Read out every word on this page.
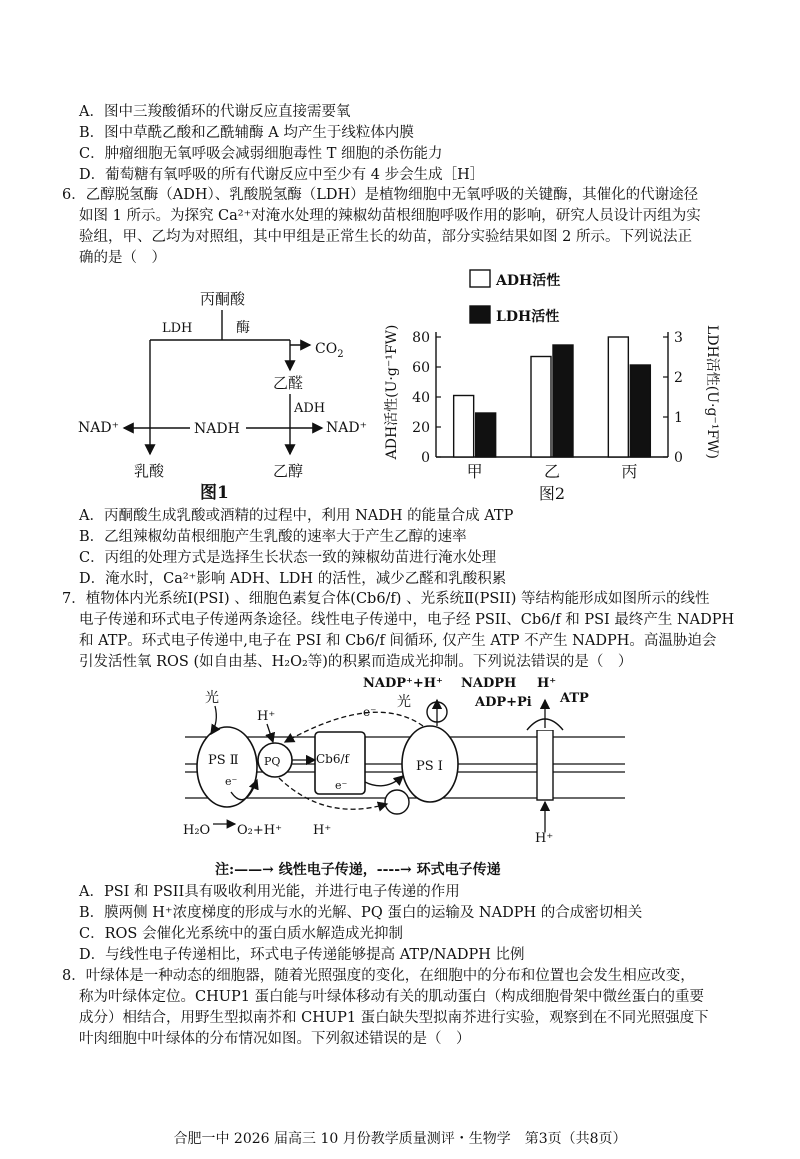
A．图中三羧酸循环的代谢反应直接需要氧
B．图中草酰乙酸和乙酰辅酶 A 均产生于线粒体内膜
C．肿瘤细胞无氧呼吸会减弱细胞毒性 T 细胞的杀伤能力
D．葡萄糖有氧呼吸的所有代谢反应中至少有 4 步会生成［H］
6．乙醇脱氢酶（ADH）、乳酸脱氢酶（LDH）是植物细胞中无氧呼吸的关键酶，其催化的代谢途径
如图 1 所示。为探究 Ca²⁺对淹水处理的辣椒幼苗根细胞呼吸作用的影响，研究人员设计丙组为实
验组，甲、乙均为对照组，其中甲组是正常生长的幼苗，部分实验结果如图 2 所示。下列说法正
确的是（　）
丙酮酸
LDH	酶
$CO_2$
乙醛
ADH
NAD⁺	NADH	NAD⁺
乳酸	乙醇
图1
ADH活性
LDH活性
0
20
40
60
80
0
1
2
3
ADH活性(U·g⁻¹FW)	LDH活性(U·g⁻¹FW)
甲	乙	丙
图2
A．丙酮酸生成乳酸或酒精的过程中，利用 NADH 的能量合成 ATP
B．乙组辣椒幼苗根细胞产生乳酸的速率大于产生乙醇的速率
C．丙组的处理方式是选择生长状态一致的辣椒幼苗进行淹水处理
D．淹水时，Ca²⁺影响 ADH、LDH 的活性，减少乙醛和乳酸积累
7．植物体内光系统Ⅰ(PSI) 、细胞色素复合体(Cb6/f) 、光系统Ⅱ(PSII) 等结构能形成如图所示的线性
电子传递和环式电子传递两条途径。线性电子传递中，电子经 PSII、Cb6/f 和 PSI 最终产生 NADPH
和 ATP。环式电子传递中,电子在 PSI 和 Cb6/f 间循环, 仅产生 ATP 不产生 NADPH。高温胁迫会
引发活性氧 ROS (如自由基、H₂O₂等)的积累而造成光抑制。下列说法错误的是（　）
NADP⁺+H⁺ NADPH H⁺
光
H⁺
光
e⁻
ADP+Pi ATP
PS Ⅱ
e⁻
PQ	Cb6/f
e⁻
PS Ⅰ
H₂O O₂+H⁺ H⁺
H⁺
注:——→ 线性电子传递，----→ 环式电子传递
A．PSI 和 PSII具有吸收利用光能，并进行电子传递的作用
B．膜两侧 H⁺浓度梯度的形成与水的光解、PQ 蛋白的运输及 NADPH 的合成密切相关
C．ROS 会催化光系统中的蛋白质水解造成光抑制
D．与线性电子传递相比，环式电子传递能够提高 ATP/NADPH 比例
8．叶绿体是一种动态的细胞器，随着光照强度的变化，在细胞中的分布和位置也会发生相应改变，
称为叶绿体定位。CHUP1 蛋白能与叶绿体移动有关的肌动蛋白（构成细胞骨架中微丝蛋白的重要
成分）相结合，用野生型拟南芥和 CHUP1 蛋白缺失型拟南芥进行实验，观察到在不同光照强度下
叶肉细胞中叶绿体的分布情况如图。下列叙述错误的是（　）
合肥一中 2026 届高三 10 月份教学质量测评・生物学　第3页（共8页）
